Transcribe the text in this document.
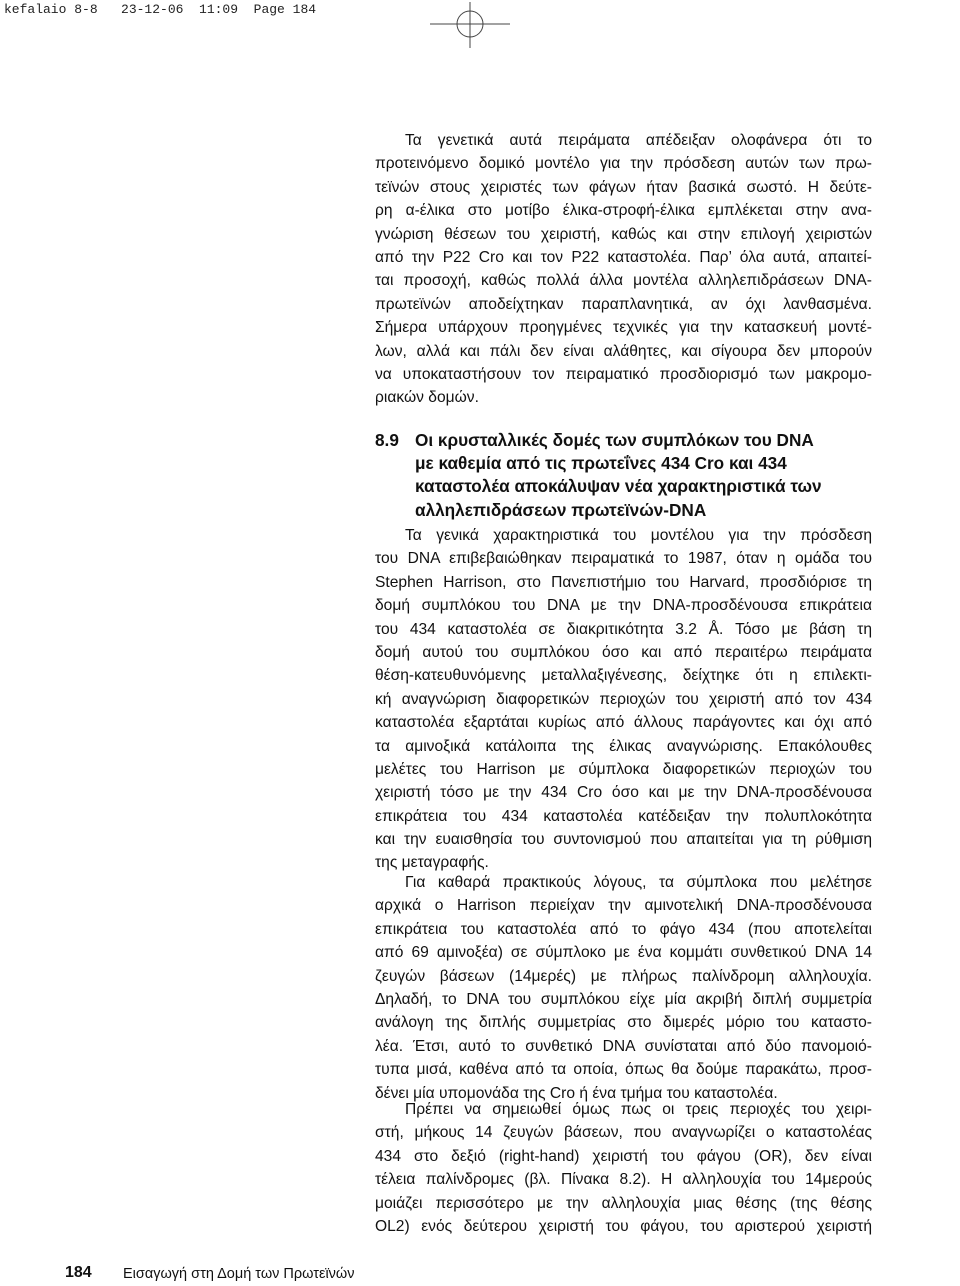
kefalaio 8-8   23-12-06  11:09  Page 184
Τα γενετικά αυτά πειράματα απέδειξαν ολοφάνερα ότι το
προτεινόμενο δομικό μοντέλο για την πρόσδεση αυτών των πρω-
τεϊνών στους χειριστές των φάγων ήταν βασικά σωστό. Η δεύτε-
ρη α-έλικα στο μοτίβο έλικα-στροφή-έλικα εμπλέκεται στην ανα-
γνώριση θέσεων του χειριστή, καθώς και στην επιλογή χειριστών
από την P22 Cro και τον P22 καταστολέα. Παρ’ όλα αυτά, απαιτεί-
ται προσοχή, καθώς πολλά άλλα μοντέλα αλληλεπιδράσεων DNA-
πρωτεϊνών αποδείχτηκαν παραπλανητικά, αν όχι λανθασμένα.
Σήμερα υπάρχουν προηγμένες τεχνικές για την κατασκευή μοντέ-
λων, αλλά και πάλι δεν είναι αλάθητες, και σίγουρα δεν μπορούν
να υποκαταστήσουν τον πειραματικό προσδιορισμό των μακρομο-
ριακών δομών.
8.9 Οι κρυσταλλικές δομές των συμπλόκων του DNA
με καθεμία από τις πρωτεΐνες 434 Cro και 434
καταστολέα αποκάλυψαν νέα χαρακτηριστικά των
αλληλεπιδράσεων πρωτεϊνών-DNA
Τα γενικά χαρακτηριστικά του μοντέλου για την πρόσδεση
του DNA επιβεβαιώθηκαν πειραματικά το 1987, όταν η ομάδα του
Stephen Harrison, στο Πανεπιστήμιο του Harvard, προσδιόρισε τη
δομή συμπλόκου του DNA με την DNA-προσδένουσα επικράτεια
του 434 καταστολέα σε διακριτικότητα 3.2 Å. Τόσο με βάση τη
δομή αυτού του συμπλόκου όσο και από περαιτέρω πειράματα
θέση-κατευθυνόμενης μεταλλαξιγένεσης, δείχτηκε ότι η επιλεκτι-
κή αναγνώριση διαφορετικών περιοχών του χειριστή από τον 434
καταστολέα εξαρτάται κυρίως από άλλους παράγοντες και όχι από
τα αμινοξικά κατάλοιπα της έλικας αναγνώρισης. Επακόλουθες
μελέτες του Harrison με σύμπλοκα διαφορετικών περιοχών του
χειριστή τόσο με την 434 Cro όσο και με την DNA-προσδένουσα
επικράτεια του 434 καταστολέα κατέδειξαν την πολυπλοκότητα
και την ευαισθησία του συντονισμού που απαιτείται για τη ρύθμιση
της μεταγραφής.
Για καθαρά πρακτικούς λόγους, τα σύμπλοκα που μελέτησε
αρχικά ο Harrison περιείχαν την αμινοτελική DNA-προσδένουσα
επικράτεια του καταστολέα από το φάγο 434 (που αποτελείται
από 69 αμινοξέα) σε σύμπλοκο με ένα κομμάτι συνθετικού DNA 14
ζευγών βάσεων (14μερές) με πλήρως παλίνδρομη αλληλουχία.
Δηλαδή, το DNA του συμπλόκου είχε μία ακριβή διπλή συμμετρία
ανάλογη της διπλής συμμετρίας στο διμερές μόριο του καταστο-
λέα. Έτσι, αυτό το συνθετικό DNA συνίσταται από δύο πανομοιό-
τυπα μισά, καθένα από τα οποία, όπως θα δούμε παρακάτω, προσ-
δένει μία υπομονάδα της Cro ή ένα τμήμα του καταστολέα.
Πρέπει να σημειωθεί όμως πως οι τρεις περιοχές του χειρι-
στή, μήκους 14 ζευγών βάσεων, που αναγνωρίζει ο καταστολέας
434 στο δεξιό (right-hand) χειριστή του φάγου (OR), δεν είναι
τέλεια παλίνδρομες (βλ. Πίνακα 8.2). Η αλληλουχία του 14μερούς
μοιάζει περισσότερο με την αλληλουχία μιας θέσης (της θέσης
OL2) ενός δεύτερου χειριστή του φάγου, του αριστερού χειριστή
184 Εισαγωγή στη Δομή των Πρωτεϊνών
